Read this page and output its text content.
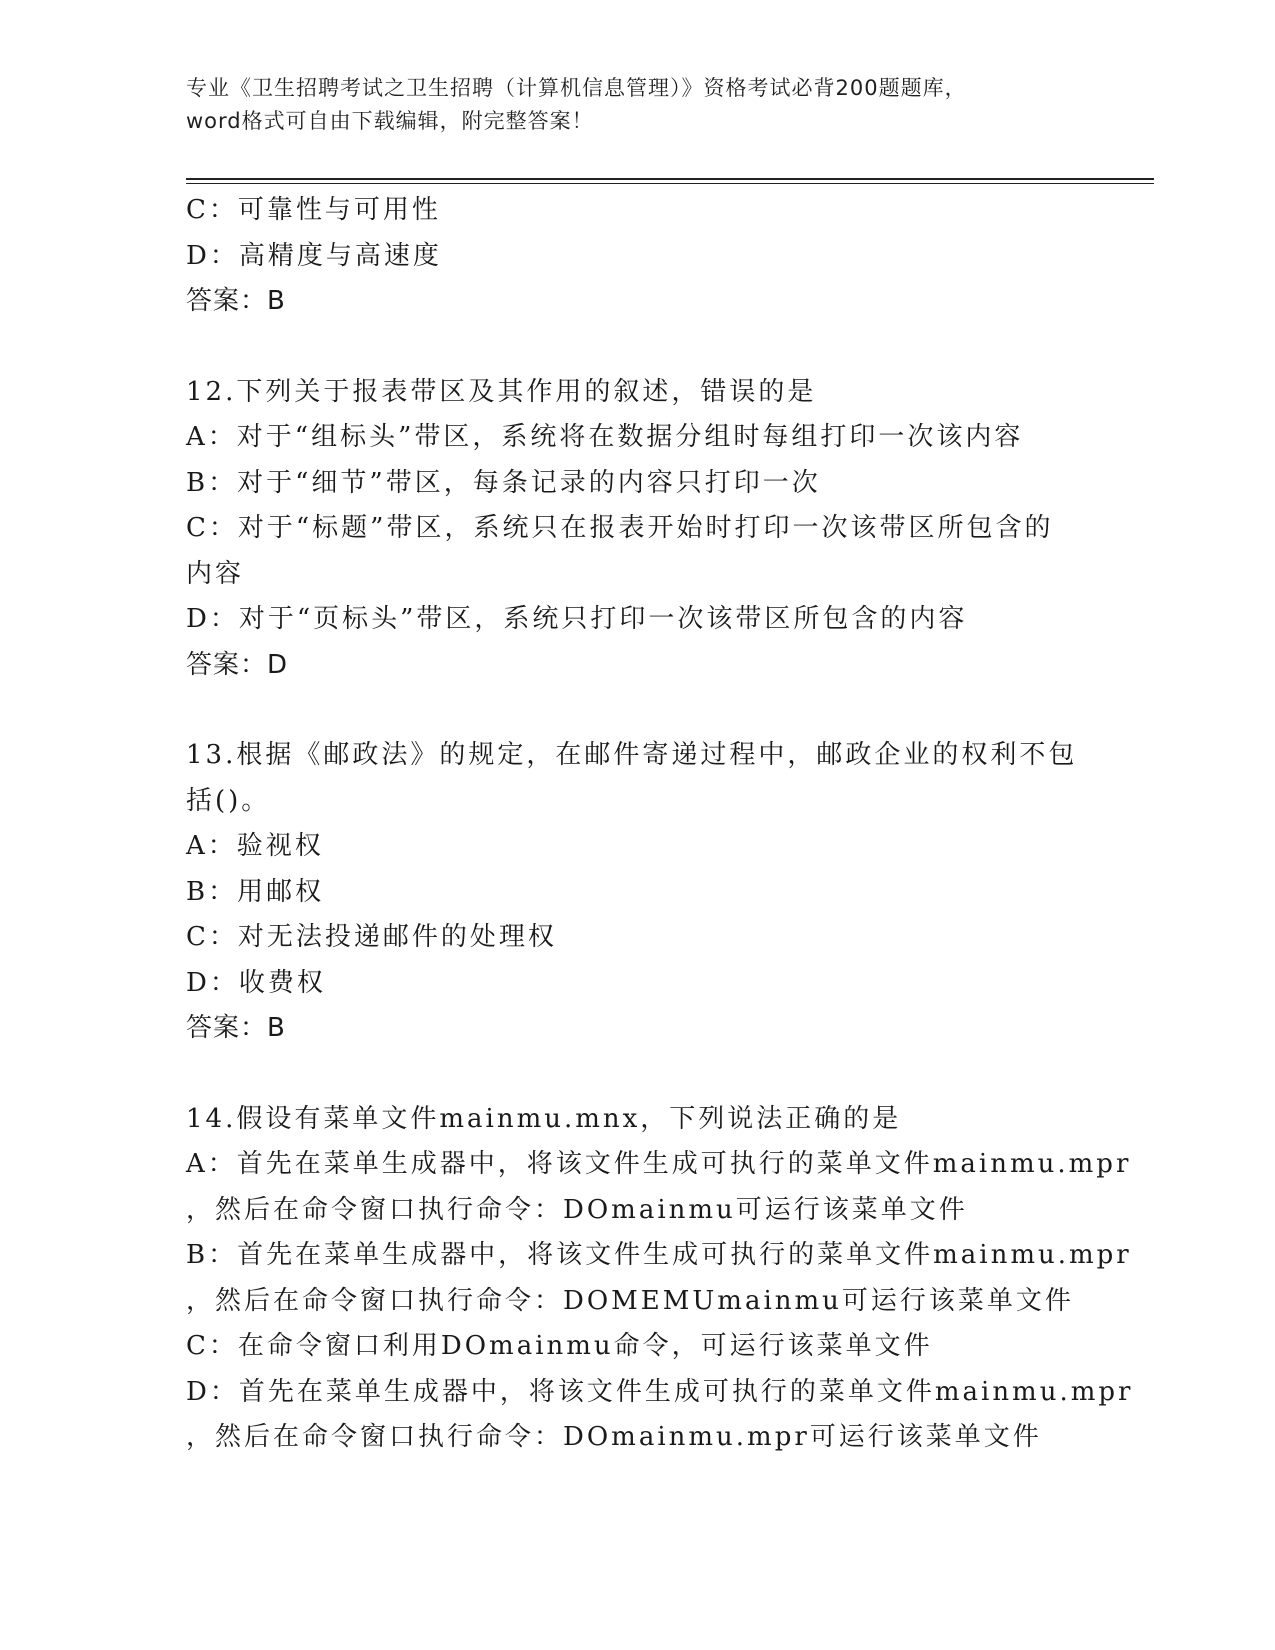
专业《卫生招聘考试之卫生招聘（计算机信息管理）》资格考试必背200题题库，
word格式可自由下载编辑，附完整答案！
C：可靠性与可用性
D：高精度与高速度
答案：B
12.下列关于报表带区及其作用的叙述，错误的是
A：对于“组标头”带区，系统将在数据分组时每组打印一次该内容
B：对于“细节”带区，每条记录的内容只打印一次
C：对于“标题”带区，系统只在报表开始时打印一次该带区所包含的
内容
D：对于“页标头”带区，系统只打印一次该带区所包含的内容
答案：D
13.根据《邮政法》的规定，在邮件寄递过程中，邮政企业的权利不包
括()。
A：验视权
B：用邮权
C：对无法投递邮件的处理权
D：收费权
答案：B
14.假设有菜单文件mainmu.mnx，下列说法正确的是
A：首先在菜单生成器中，将该文件生成可执行的菜单文件mainmu.mpr
，然后在命令窗口执行命令：DOmainmu可运行该菜单文件
B：首先在菜单生成器中，将该文件生成可执行的菜单文件mainmu.mpr
，然后在命令窗口执行命令：DOMEMUmainmu可运行该菜单文件
C：在命令窗口利用DOmainmu命令，可运行该菜单文件
D：首先在菜单生成器中，将该文件生成可执行的菜单文件mainmu.mpr
，然后在命令窗口执行命令：DOmainmu.mpr可运行该菜单文件
